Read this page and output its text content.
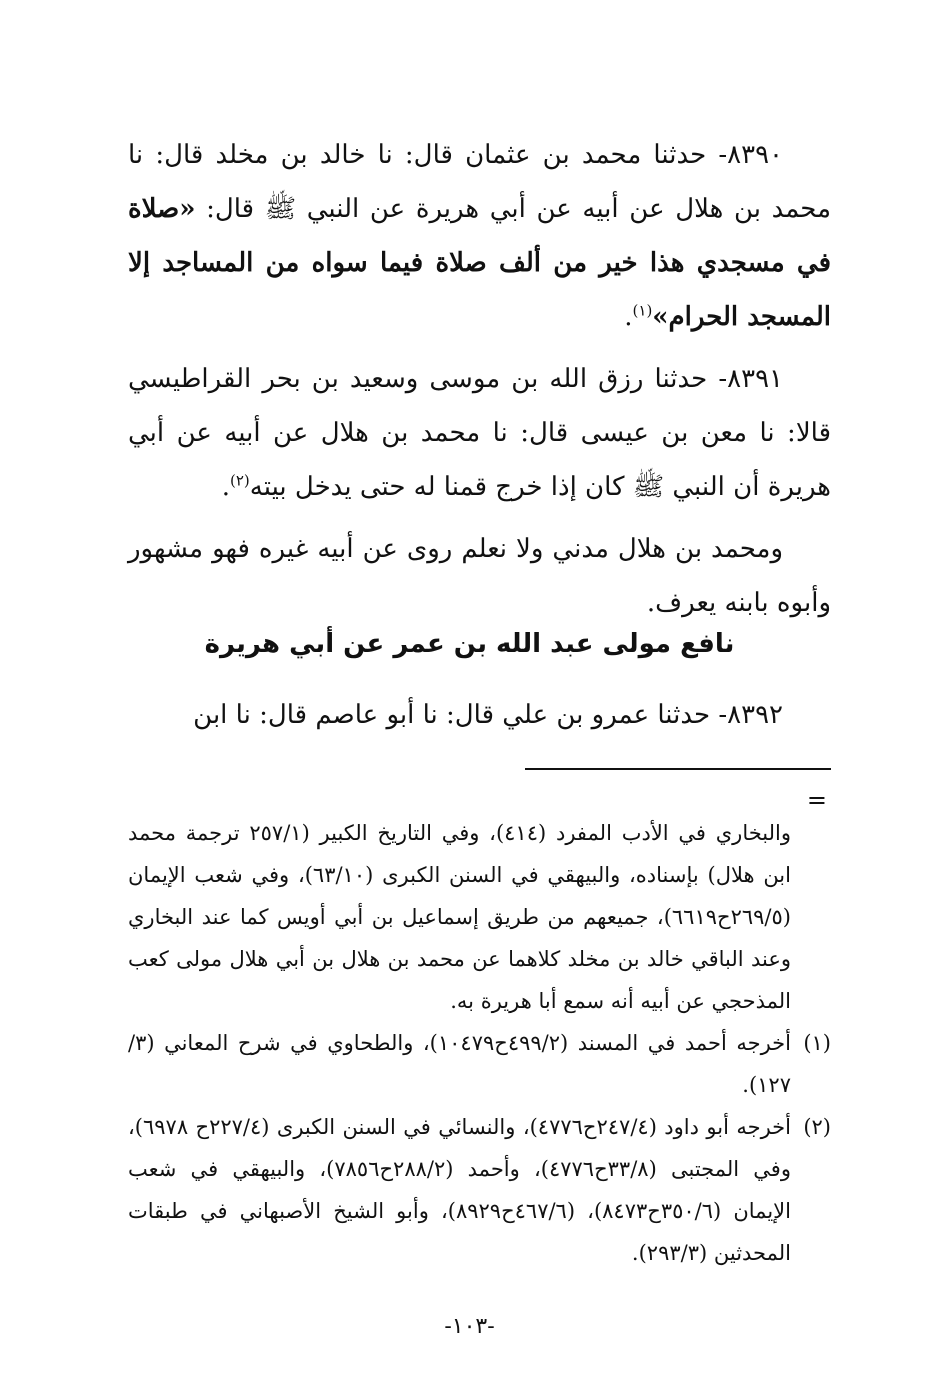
٨٣٩٠- حدثنا محمد بن عثمان قال: نا خالد بن مخلد قال: نا محمد بن هلال عن أبيه عن أبي هريرة عن النبي ﷺ قال: «صلاة في مسجدي هذا خير من ألف صلاة فيما سواه من المساجد إلا المسجد الحرام»$^{(١)}$.

٨٣٩١- حدثنا رزق الله بن موسى وسعيد بن بحر القراطيسي قالا: نا معن بن عيسى قال: نا محمد بن هلال عن أبيه عن أبي هريرة أن النبي ﷺ كان إذا خرج قمنا له حتى يدخل بيته$^{(٢)}$.

ومحمد بن هلال مدني ولا نعلم روى عن أبيه غيره فهو مشهور وأبوه بابنه يعرف.

نافع مولى عبد الله بن عمر عن أبي هريرة
٨٣٩٢- حدثنا عمرو بن علي قال: نا أبو عاصم قال: نا ابن
=

والبخاري في الأدب المفرد (٤١٤)، وفي التاريخ الكبير (٢٥٧/١ ترجمة محمد ابن هلال) بإسناده، والبيهقي في السنن الكبرى (٦٣/١٠)، وفي شعب الإيمان (٢٦٩/٥ح٦٦١٩)، جميعهم من طريق إسماعيل بن أبي أويس كما عند البخاري وعند الباقي خالد بن مخلد كلاهما عن محمد بن هلال بن أبي هلال مولى كعب المذحجي عن أبيه أنه سمع أبا هريرة به.

(١)
أخرجه أحمد في المسند (٤٩٩/٢ح١٠٤٧٩)، والطحاوي في شرح المعاني (٣/ ١٢٧).
(٢)
أخرجه أبو داود (٢٤٧/٤ح٤٧٧٦)، والنسائي في السنن الكبرى (٢٢٧/٤ح ٦٩٧٨)، وفي المجتبى (٣٣/٨ح٤٧٧٦)، وأحمد (٢٨٨/٢ح٧٨٥٦)، والبيهقي في شعب الإيمان (٣٥٠/٦ح٨٤٧٣)، (٤٦٧/٦ح٨٩٢٩)، وأبو الشيخ الأصبهاني في طبقات المحدثين (٢٩٣/٣).
-١٠٣-
